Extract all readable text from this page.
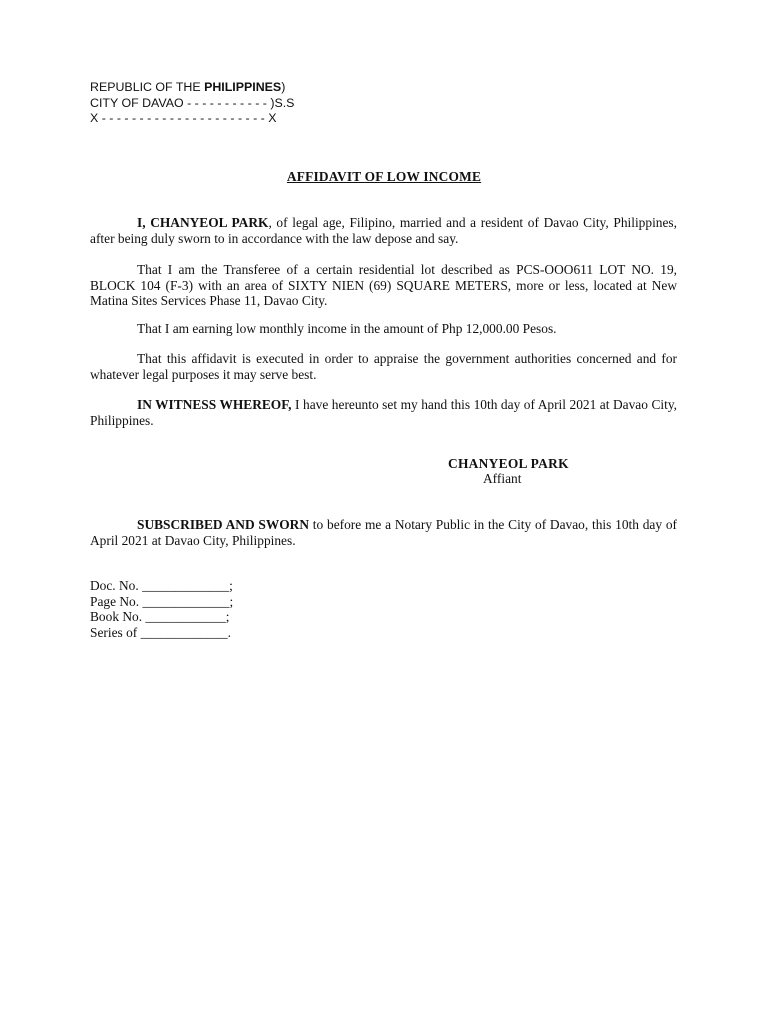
REPUBLIC OF THE PHILIPPINES)
CITY OF DAVAO - - - - - - - - - - - )S.S
X - - - - - - - - - - - - - - - - - - - - - - X
AFFIDAVIT OF LOW INCOME

I, CHANYEOL PARK, of legal age, Filipino, married and a resident of Davao City, Philippines, after being duly sworn to in accordance with the law depose and say.

That I am the Transferee of a certain residential lot described as PCS-OOO611 LOT NO. 19, BLOCK 104 (F-3) with an area of SIXTY NIEN (69) SQUARE METERS, more or less, located at New Matina Sites Services Phase 11, Davao City.

That I am earning low monthly income in the amount of Php 12,000.00 Pesos.

That this affidavit is executed in order to appraise the government authorities concerned and for whatever legal purposes it may serve best.

IN WITNESS WHEREOF, I have hereunto set my hand this 10th day of April 2021 at Davao City, Philippines.

CHANYEOL PARK
Affiant

SUBSCRIBED AND SWORN to before me a Notary Public in the City of Davao, this 10th day of April 2021 at Davao City, Philippines.

Doc. No. _____________;
Page No. _____________;
Book No. ____________;
Series of _____________.
